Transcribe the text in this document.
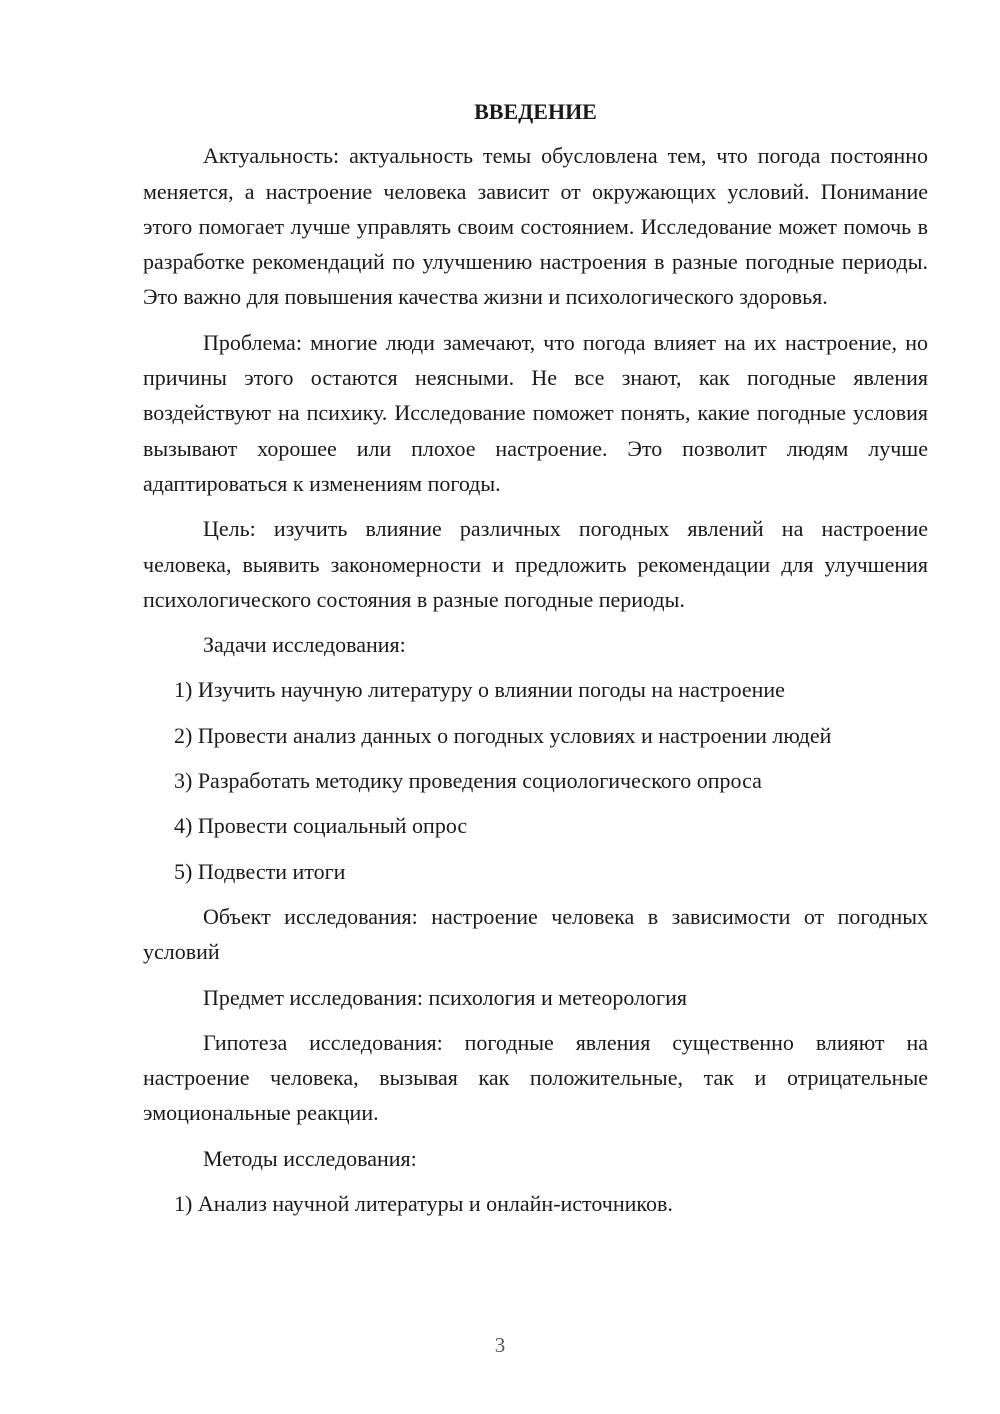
ВВЕДЕНИЕ

Актуальность: актуальность темы обусловлена тем, что погода постоянно меняется, а настроение человека зависит от окружающих условий. Понимание этого помогает лучше управлять своим состоянием. Исследование может помочь в разработке рекомендаций по улучшению настроения в разные погодные периоды. Это важно для повышения качества жизни и психологического здоровья.

Проблема: многие люди замечают, что погода влияет на их настроение, но причины этого остаются неясными. Не все знают, как погодные явления воздействуют на психику. Исследование поможет понять, какие погодные условия вызывают хорошее или плохое настроение. Это позволит людям лучше адаптироваться к изменениям погоды.

Цель: изучить влияние различных погодных явлений на настроение человека, выявить закономерности и предложить рекомендации для улучшения психологического состояния в разные погодные периоды.

Задачи исследования:

1) Изучить научную литературу о влиянии погоды на настроение
2) Провести анализ данных о погодных условиях и настроении людей
3) Разработать методику проведения социологического опроса
4) Провести социальный опрос
5) Подвести итоги

Объект исследования: настроение человека в зависимости от погодных условий

Предмет исследования: психология и метеорология

Гипотеза исследования: погодные явления существенно влияют на настроение человека, вызывая как положительные, так и отрицательные эмоциональные реакции.

Методы исследования:

1) Анализ научной литературы и онлайн-источников.
3
